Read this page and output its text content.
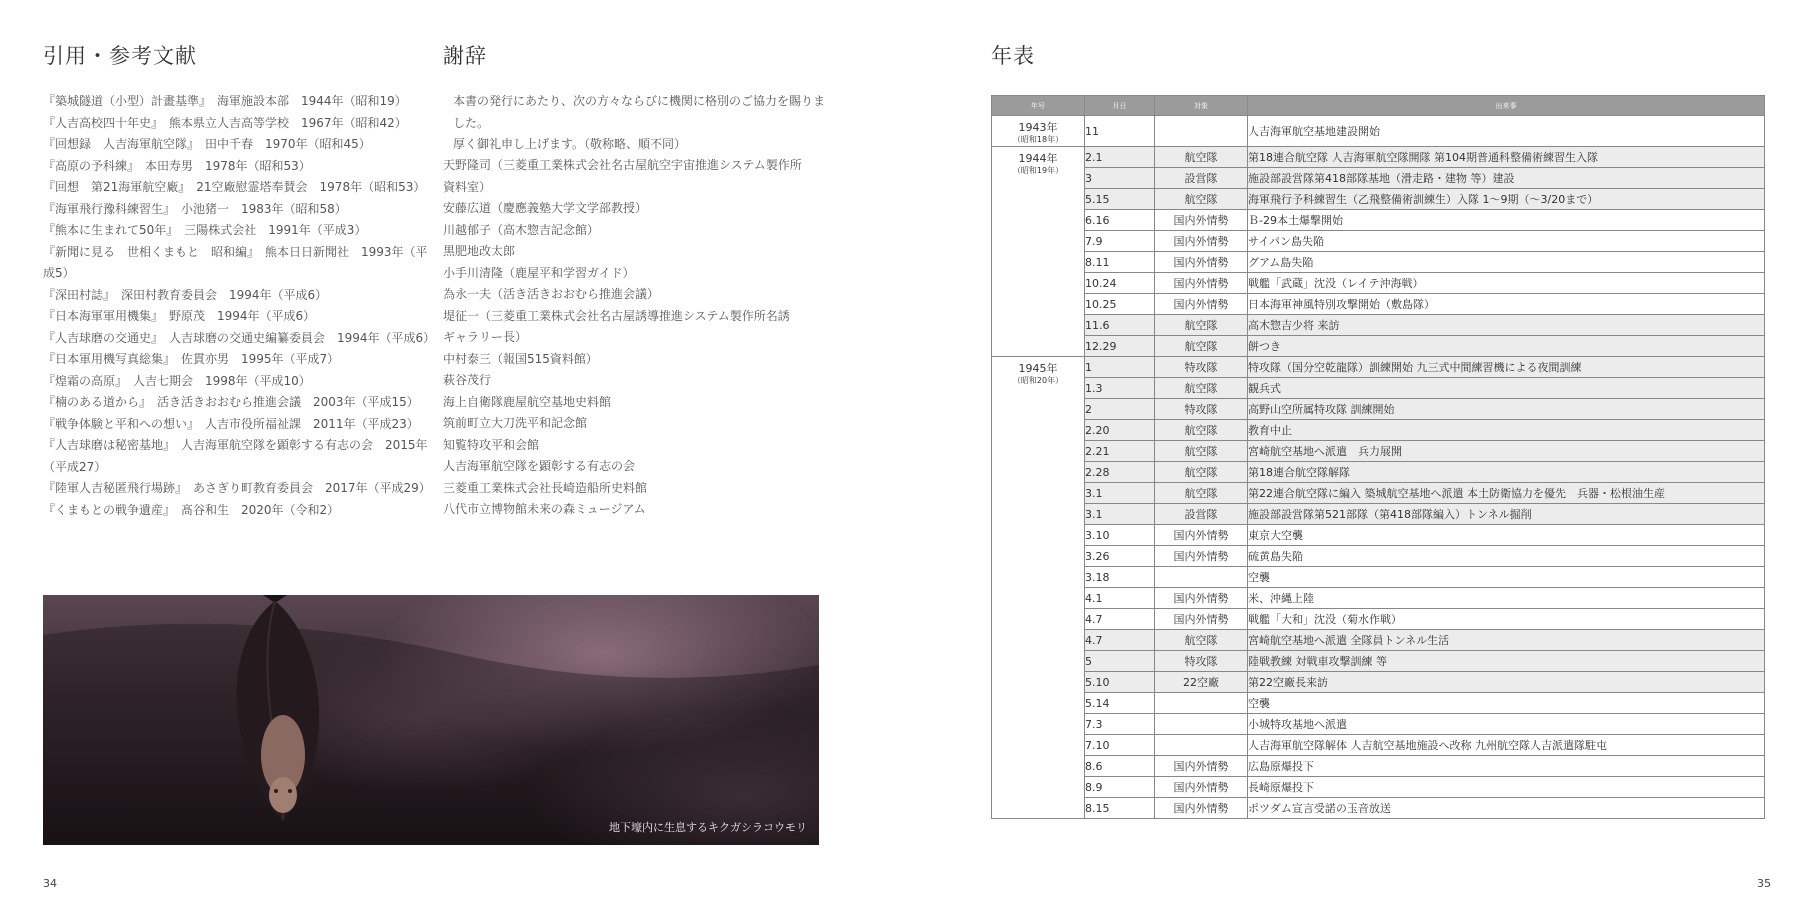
引用・参考文献
『築城隧道（小型）計畫基準』　海軍施設本部　1944年（昭和19）
『人吉高校四十年史』　熊本県立人吉高等学校　1967年（昭和42）
『回想録　人吉海軍航空隊』　田中千春　1970年（昭和45）
『高原の予科練』　本田寿男　1978年（昭和53）
『回想　第21海軍航空廠』　21空廠慰霊塔奉賛会　1978年（昭和53）
『海軍飛行豫科練習生』　小池猪一　1983年（昭和58）
『熊本に生まれて50年』　三陽株式会社　1991年（平成3）
『新聞に見る　世相くまもと　昭和編』　熊本日日新聞社　1993年（平成5）
『深田村誌』　深田村教育委員会　1994年（平成6）
『日本海軍軍用機集』　野原茂　1994年（平成6）
『人吉球磨の交通史』　人吉球磨の交通史編纂委員会　1994年（平成6）
『日本軍用機写真総集』　佐貫亦男　1995年（平成7）
『煌霜の高原』　人吉七期会　1998年（平成10）
『楠のある道から』　活き活きおおむら推進会議　2003年（平成15）
『戦争体験と平和への想い』　人吉市役所福祉課　2011年（平成23）
『人吉球磨は秘密基地』　人吉海軍航空隊を顕彰する有志の会　2015年
（平成27）
『陸軍人吉秘匿飛行場跡』　あさぎり町教育委員会　2017年（平成29）
『くまもとの戦争遺産』　髙谷和生　2020年（令和2）
謝辞

本書の発行にあたり、次の方々ならびに機関に格別のご協力を賜りました。

厚く御礼申し上げます。（敬称略、順不同）

天野隆司（三菱重工業株式会社名古屋航空宇宙推進システム製作所
資料室）
安藤広道（慶應義塾大学文学部教授）
川越郁子（高木惣吉記念館）
黒肥地改太郎
小手川清隆（鹿屋平和学習ガイド）
為永一夫（活き活きおおむら推進会議）
堤征一（三菱重工業株式会社名古屋誘導推進システム製作所名誘
ギャラリー長）
中村泰三（報国515資料館）
萩谷茂行
海上自衛隊鹿屋航空基地史料館
筑前町立大刀洗平和記念館
知覧特攻平和会館
人吉海軍航空隊を顕彰する有志の会
三菱重工業株式会社長崎造船所史料館
八代市立博物館未来の森ミュージアム
地下壕内に生息するキクガシラコウモリ
34
年表
年号	月日	対象	出来事

1943年
（昭和18年）	11		人吉海軍航空基地建設開始

1944年
（昭和19年）	2.1	航空隊	第18連合航空隊 人吉海軍航空隊開隊 第104期普通科整備術練習生入隊
	3	設営隊	施設部設営隊第418部隊基地（滑走路・建物 等）建設
	5.15	航空隊	海軍飛行予科練習生（乙飛整備術訓練生）入隊 1～9期（～3/20まで）
	6.16	国内外情勢	Ｂ-29本土爆撃開始
	7.9	国内外情勢	サイパン島失陥
	8.11	国内外情勢	グアム島失陥
	10.24	国内外情勢	戦艦「武蔵」沈没（レイテ沖海戦）
	10.25	国内外情勢	日本海軍神風特別攻撃開始（敷島隊）
	11.6	航空隊	高木惣吉少将 来訪
	12.29	航空隊	餅つき

1945年
（昭和20年）	1	特攻隊	特攻隊（国分空乾龍隊）訓練開始 九三式中間練習機による夜間訓練
	1.3	航空隊	観兵式
	2	特攻隊	高野山空所属特攻隊 訓練開始
	2.20	航空隊	教育中止
	2.21	航空隊	宮崎航空基地へ派遣　兵力展開
	2.28	航空隊	第18連合航空隊解隊
	3.1	航空隊	第22連合航空隊に編入 築城航空基地へ派遣 本土防衛協力を優先　兵器・松根油生産
	3.1	設営隊	施設部設営隊第521部隊（第418部隊編入）トンネル掘削
	3.10	国内外情勢	東京大空襲
	3.26	国内外情勢	硫黄島失陥
	3.18		空襲
	4.1	国内外情勢	米、沖縄上陸
	4.7	国内外情勢	戦艦「大和」沈没（菊水作戦）
	4.7	航空隊	宮崎航空基地へ派遣 全隊員トンネル生活
	5	特攻隊	陸戦教練 対戦車攻撃訓練 等
	5.10	22空廠	第22空廠長来訪
	5.14		空襲
	7.3		小城特攻基地へ派遣
	7.10		人吉海軍航空隊解体 人吉航空基地施設へ改称 九州航空隊人吉派遣隊駐屯
	8.6	国内外情勢	広島原爆投下
	8.9	国内外情勢	長崎原爆投下
	8.15	国内外情勢	ポツダム宣言受諾の玉音放送
35
